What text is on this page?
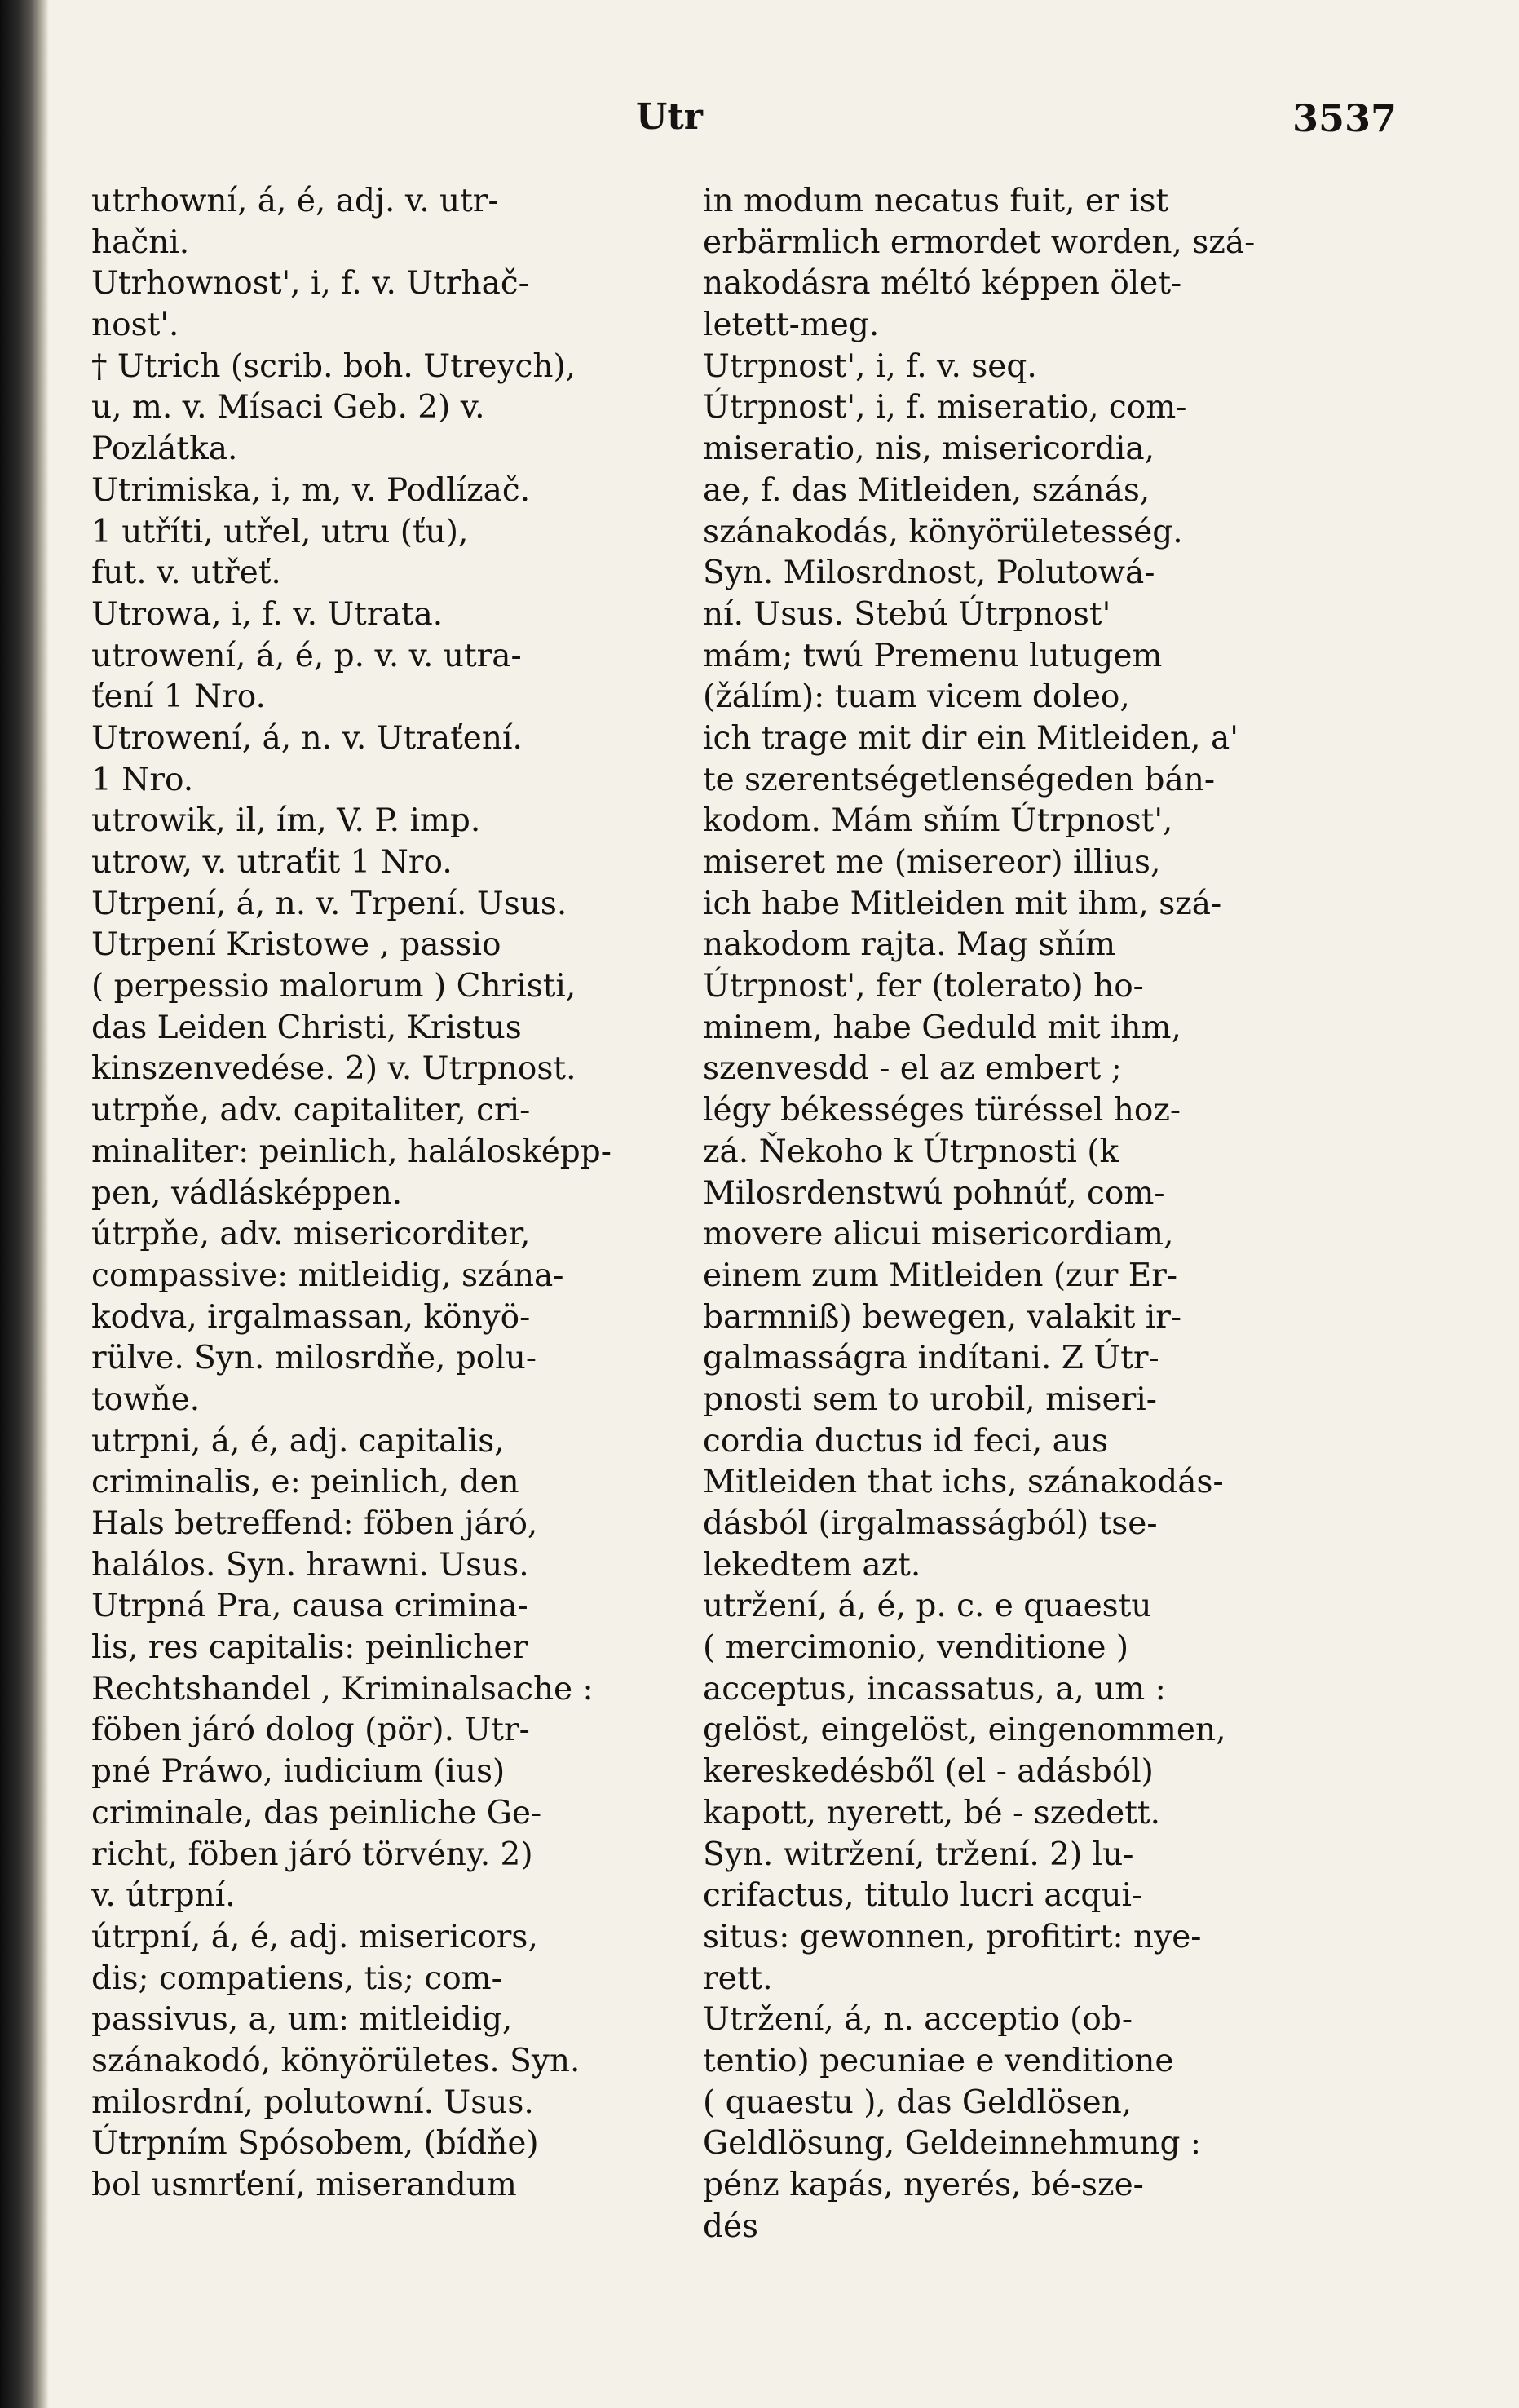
Utr	3537
utrhowní, á, é, adj. v. utr-
hačni.
Utrhownost', i, f. v. Utrhač-
nost'.
† Utrich (scrib. boh. Utreych),
u, m. v. Mísaci Geb. 2) v.
Pozlátka.
Utrimiska, i, m, v. Podlízač.
1 utříti, utřel, utru (ťu),
fut. v. utřeť.
Utrowa, i, f. v. Utrata.
utrowení, á, é, p. v. v. utra-
ťení 1 Nro.
Utrowení, á, n. v. Utraťení.
1 Nro.
utrowik, il, ím, V. P. imp.
utrow, v. utraťit 1 Nro.
Utrpení, á, n. v. Trpení. Usus.
Utrpení Kristowe , passio
( perpessio malorum ) Christi,
das Leiden Christi, Kristus
kinszenvedése. 2) v. Utrpnost.
utrpňe, adv. capitaliter, cri-
minaliter: peinlich, halálosképp-
pen, vádlásképpen.
útrpňe, adv. misericorditer,
compassive: mitleidig, szána-
kodva, irgalmassan, könyö-
rülve. Syn. milosrdňe, polu-
towňe.
utrpni, á, é, adj. capitalis,
criminalis, e: peinlich, den
Hals betreffend: föben járó,
halálos. Syn. hrawni. Usus.
Utrpná Pra, causa crimina-
lis, res capitalis: peinlicher
Rechtshandel , Kriminalsache :
föben járó dolog (pör). Utr-
pné Práwo, iudicium (ius)
criminale, das peinliche Ge-
richt, föben járó törvény. 2)
v. útrpní.
útrpní, á, é, adj. misericors,
dis; compatiens, tis; com-
passivus, a, um: mitleidig,
szánakodó, könyörületes. Syn.
milosrdní, polutowní. Usus.
Útrpním Spósobem, (bídňe)
bol usmrťení, miserandum
in modum necatus fuit, er ist
erbärmlich ermordet worden, szá-
nakodásra méltó képpen ölet-
letett-meg.
Utrpnost', i, f. v. seq.
Útrpnost', i, f. miseratio, com-
miseratio, nis, misericordia,
ae, f. das Mitleiden, szánás,
szánakodás, könyörületesség.
Syn. Milosrdnost, Polutowá-
ní. Usus. Stebú Útrpnost'
mám; twú Premenu lutugem
(žálím): tuam vicem doleo,
ich trage mit dir ein Mitleiden, a'
te szerentségetlenségeden bán-
kodom. Mám sňím Útrpnost',
miseret me (misereor) illius,
ich habe Mitleiden mit ihm, szá-
nakodom rajta. Mag sňím
Útrpnost', fer (tolerato) ho-
minem, habe Geduld mit ihm,
szenvesdd - el az embert ;
légy békességes türéssel hoz-
zá. Ňekoho k Útrpnosti (k
Milosrdenstwú pohnúť, com-
movere alicui misericordiam,
einem zum Mitleiden (zur Er-
barmniß) bewegen, valakit ir-
galmasságra indítani. Z Útr-
pnosti sem to urobil, miseri-
cordia ductus id feci, aus
Mitleiden that ichs, szánakodás-
dásból (irgalmasságból) tse-
lekedtem azt.
utržení, á, é, p. c. e quaestu
( mercimonio, venditione )
acceptus, incassatus, a, um :
gelöst, eingelöst, eingenommen,
kereskedésből (el - adásból)
kapott, nyerett, bé - szedett.
Syn. witržení, tržení. 2) lu-
crifactus, titulo lucri acqui-
situs: gewonnen, profitirt: nye-
rett.
Utržení, á, n. acceptio (ob-
tentio) pecuniae e venditione
( quaestu ), das Geldlösen,
Geldlösung, Geldeinnehmung :
pénz kapás, nyerés, bé-sze-
dés
